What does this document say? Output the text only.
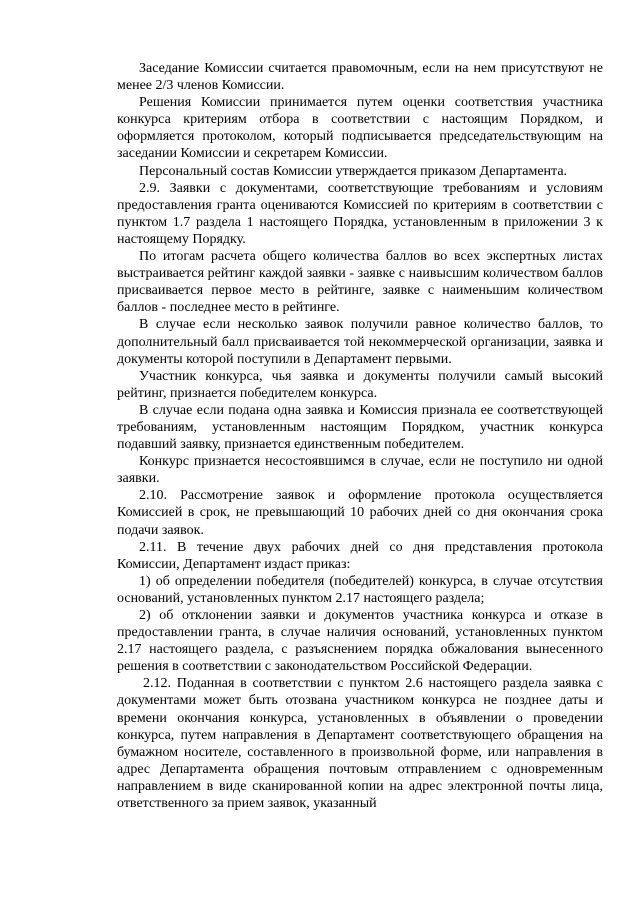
Заседание Комиссии считается правомочным, если на нем присутствуют не менее 2/3 членов Комиссии.

Решения Комиссии принимается путем оценки соответствия участника конкурса критериям отбора в соответствии с настоящим Порядком, и оформляется протоколом, который подписывается председательствующим на заседании Комиссии и секретарем Комиссии.

Персональный состав Комиссии утверждается приказом Департамента.

2.9. Заявки с документами, соответствующие требованиям и условиям предоставления гранта оцениваются Комиссией по критериям в соответствии с пунктом 1.7 раздела 1 настоящего Порядка, установленным в приложении 3 к настоящему Порядку.

По итогам расчета общего количества баллов во всех экспертных листах выстраивается рейтинг каждой заявки - заявке с наивысшим количеством баллов присваивается первое место в рейтинге, заявке с наименьшим количеством баллов - последнее место в рейтинге.

В случае если несколько заявок получили равное количество баллов, то дополнительный балл присваивается той некоммерческой организации, заявка и документы которой поступили в Департамент первыми.

Участник конкурса, чья заявка и документы получили самый высокий рейтинг, признается победителем конкурса.

В случае если подана одна заявка и Комиссия признала ее соответствующей требованиям, установленным настоящим Порядком, участник конкурса подавший заявку, признается единственным победителем.

Конкурс признается несостоявшимся в случае, если не поступило ни одной заявки.

2.10. Рассмотрение заявок и оформление протокола осуществляется Комиссией в срок, не превышающий 10 рабочих дней со дня окончания срока подачи заявок.

2.11. В течение двух рабочих дней со дня представления протокола Комиссии, Департамент издаст приказ:

1) об определении победителя (победителей) конкурса, в случае отсутствия оснований, установленных пунктом 2.17 настоящего раздела;

2) об отклонении заявки и документов участника конкурса и отказе в предоставлении гранта, в случае наличия оснований, установленных пунктом 2.17 настоящего раздела, с разъяснением порядка обжалования вынесенного решения в соответствии с законодательством Российской Федерации.

2.12. Поданная в соответствии с пунктом 2.6 настоящего раздела заявка с документами может быть отозвана участником конкурса не позднее даты и времени окончания конкурса, установленных в объявлении о проведении конкурса, путем направления в Департамент соответствующего обращения на бумажном носителе, составленного в произвольной форме, или направления в адрес Департамента обращения почтовым отправлением с одновременным направлением в виде сканированной копии на адрес электронной почты лица, ответственного за прием заявок, указанный
